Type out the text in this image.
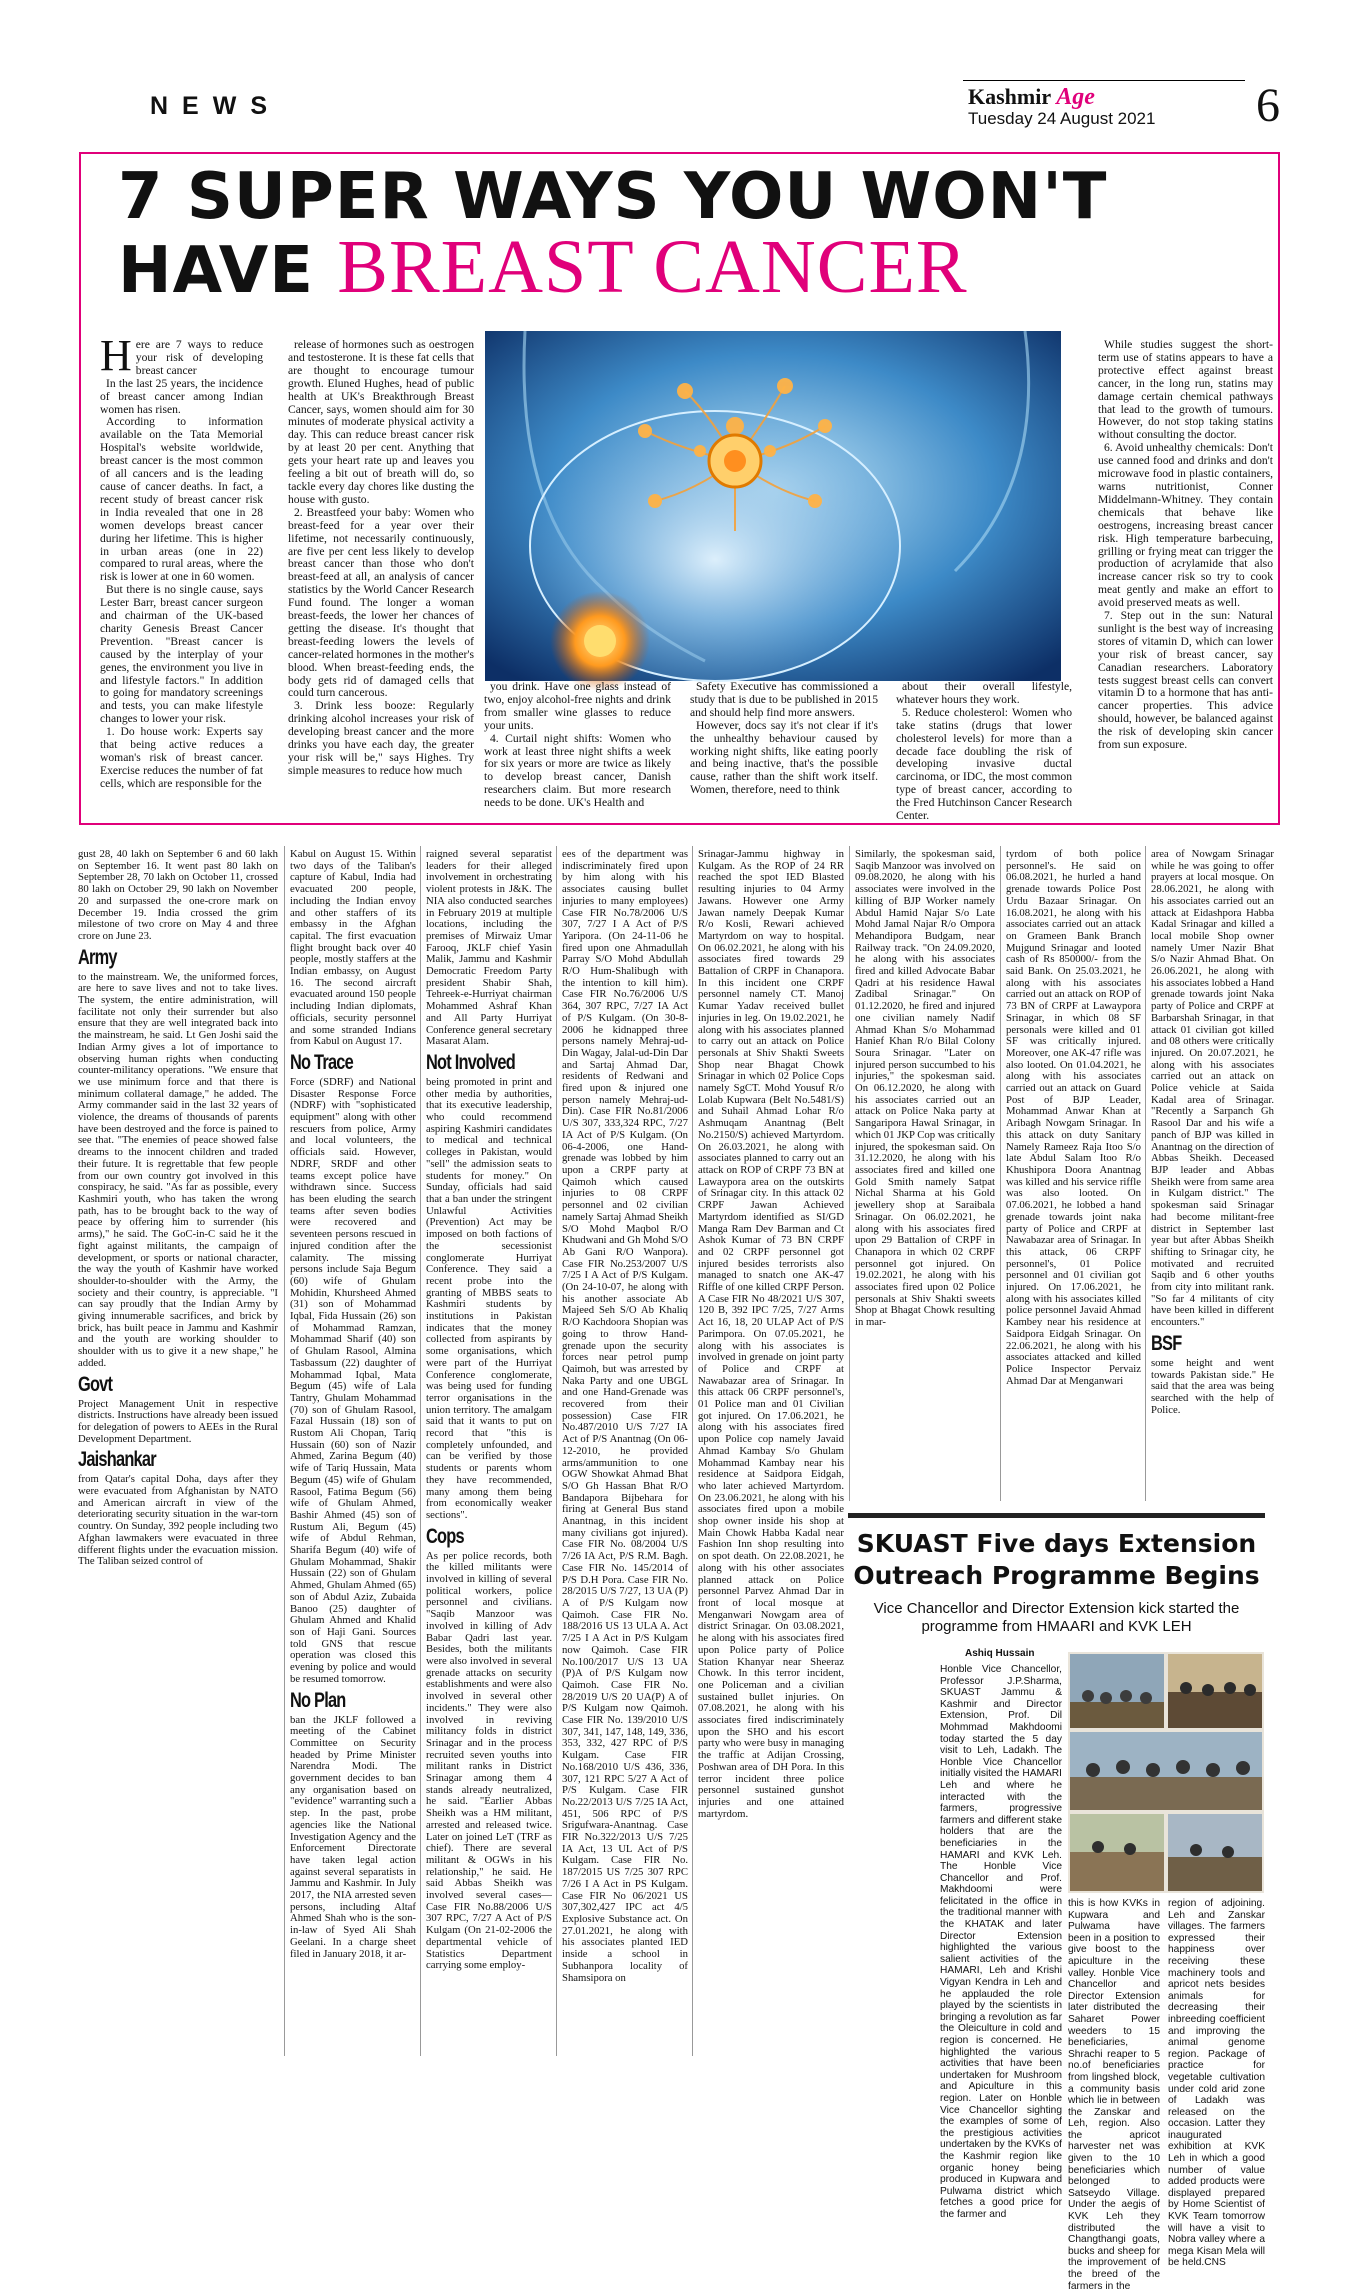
NEWS	Kashmir Age
Tuesday 24 August 2021 6
7 SUPER WAYS YOU WON'T
HAVE BREAST CANCER

Here are 7 ways to reduce your risk of developing breast cancer

In the last 25 years, the incidence of breast cancer among Indian women has risen.

According to information available on the Tata Memorial Hospital's website worldwide, breast cancer is the most common of all cancers and is the leading cause of cancer deaths. In fact, a recent study of breast cancer risk in India revealed that one in 28 women develops breast cancer during her lifetime. This is higher in urban areas (one in 22) compared to rural areas, where the risk is lower at one in 60 women.

But there is no single cause, says Lester Barr, breast cancer surgeon and chairman of the UK-based charity Genesis Breast Cancer Prevention. "Breast cancer is caused by the interplay of your genes, the environment you live in and lifestyle factors." In addition to going for mandatory screenings and tests, you can make lifestyle changes to lower your risk.

1. Do house work: Experts say that being active reduces a woman's risk of breast cancer. Exercise reduces the number of fat cells, which are responsible for the

release of hormones such as oestrogen and testosterone. It is these fat cells that are thought to encourage tumour growth. Eluned Hughes, head of public health at UK's Breakthrough Breast Cancer, says, women should aim for 30 minutes of moderate physical activity a day. This can reduce breast cancer risk by at least 20 per cent. Anything that gets your heart rate up and leaves you feeling a bit out of breath will do, so tackle every day chores like dusting the house with gusto.

2. Breastfeed your baby: Women who breast-feed for a year over their lifetime, not necessarily continuously, are five per cent less likely to develop breast cancer than those who don't breast-feed at all, an analysis of cancer statistics by the World Cancer Research Fund found. The longer a woman breast-feeds, the lower her chances of getting the disease. It's thought that breast-feeding lowers the levels of cancer-related hormones in the mother's blood. When breast-feeding ends, the body gets rid of damaged cells that could turn cancerous.

3. Drink less booze: Regularly drinking alcohol increases your risk of developing breast cancer and the more drinks you have each day, the greater your risk will be," says Highes. Try simple measures to reduce how much

you drink. Have one glass instead of two, enjoy alcohol-free nights and drink from smaller wine glasses to reduce your units.

4. Curtail night shifts: Women who work at least three night shifts a week for six years or more are twice as likely to develop breast cancer, Danish researchers claim. But more research needs to be done. UK's Health and

Safety Executive has commissioned a study that is due to be published in 2015 and should help find more answers.

However, docs say it's not clear if it's the unhealthy behaviour caused by working night shifts, like eating poorly and being inactive, that's the possible cause, rather than the shift work itself. Women, therefore, need to think

about their overall lifestyle, whatever hours they work.

5. Reduce cholesterol: Women who take statins (drugs that lower cholesterol levels) for more than a decade face doubling the risk of developing invasive ductal carcinoma, or IDC, the most common type of breast cancer, according to the Fred Hutchinson Cancer Research Center.

While studies suggest the short-term use of statins appears to have a protective effect against breast cancer, in the long run, statins may damage certain chemical pathways that lead to the growth of tumours. However, do not stop taking statins without consulting the doctor.

6. Avoid unhealthy chemicals: Don't use canned food and drinks and don't microwave food in plastic containers, warns nutritionist, Conner Middelmann-Whitney. They contain chemicals that behave like oestrogens, increasing breast cancer risk. High temperature barbecuing, grilling or frying meat can trigger the production of acrylamide that also increase cancer risk so try to cook meat gently and make an effort to avoid preserved meats as well.

7. Step out in the sun: Natural sunlight is the best way of increasing stores of vitamin D, which can lower your risk of breast cancer, say Canadian researchers. Laboratory tests suggest breast cells can convert vitamin D to a hormone that has anti-cancer properties. This advice should, however, be balanced against the risk of developing skin cancer from sun exposure.

gust 28, 40 lakh on September 6 and 60 lakh on September 16. It went past 80 lakh on September 28, 70 lakh on October 11, crossed 80 lakh on October 29, 90 lakh on November 20 and surpassed the one-crore mark on December 19. India crossed the grim milestone of two crore on May 4 and three crore on June 23.

Army

to the mainstream. We, the uniformed forces, are here to save lives and not to take lives. The system, the entire administration, will facilitate not only their surrender but also ensure that they are well integrated back into the mainstream, he said. Lt Gen Joshi said the Indian Army gives a lot of importance to observing human rights when conducting counter-militancy operations. "We ensure that we use minimum force and that there is minimum collateral damage," he added. The Army commander said in the last 32 years of violence, the dreams of thousands of parents have been destroyed and the force is pained to see that. "The enemies of peace showed false dreams to the innocent children and traded their future. It is regrettable that few people from our own country got involved in this conspiracy, he said. "As far as possible, every Kashmiri youth, who has taken the wrong path, has to be brought back to the way of peace by offering him to surrender (his arms)," he said. The GoC-in-C said he it the fight against militants, the campaign of development, or sports or national character, the way the youth of Kashmir have worked shoulder-to-shoulder with the Army, the society and their country, is appreciable. "I can say proudly that the Indian Army by giving innumerable sacrifices, and brick by brick, has built peace in Jammu and Kashmir and the youth are working shoulder to shoulder with us to give it a new shape," he added.

Govt

Project Management Unit in respective districts. Instructions have already been issued for delegation of powers to AEEs in the Rural Development Department.

Jaishankar

from Qatar's capital Doha, days after they were evacuated from Afghanistan by NATO and American aircraft in view of the deteriorating security situation in the war-torn country. On Sunday, 392 people including two Afghan lawmakers were evacuated in three different flights under the evacuation mission. The Taliban seized control of

Kabul on August 15. Within two days of the Taliban's capture of Kabul, India had evacuated 200 people, including the Indian envoy and other staffers of its embassy in the Afghan capital. The first evacuation flight brought back over 40 people, mostly staffers at the Indian embassy, on August 16. The second aircraft evacuated around 150 people including Indian diplomats, officials, security personnel and some stranded Indians from Kabul on August 17.

No Trace

Force (SDRF) and National Disaster Response Force (NDRF) with "sophisticated equipment" along with other rescuers from police, Army and local volunteers, the officials said. However, NDRF, SRDF and other teams except police have withdrawn since. Success has been eluding the search teams after seven bodies were recovered and seventeen persons rescued in injured condition after the calamity. The missing persons include Saja Begum (60) wife of Ghulam Mohidin, Khursheed Ahmed (31) son of Mohammad Iqbal, Fida Hussain (26) son of Mohammad Ramzan, Mohammad Sharif (40) son of Ghulam Rasool, Almina Tasbassum (22) daughter of Mohammad Iqbal, Mata Begum (45) wife of Lala Tantry, Ghulam Mohammad (70) son of Ghulam Rasool, Fazal Hussain (18) son of Rustom Ali Chopan, Tariq Hussain (60) son of Nazir Ahmed, Zarina Begum (40) wife of Tariq Hussain, Mata Begum (45) wife of Ghulam Rasool, Fatima Begum (56) wife of Ghulam Ahmed, Bashir Ahmed (45) son of Rustum Ali, Begum (45) wife of Abdul Rehman, Sharifa Begum (40) wife of Ghulam Mohammad, Shakir Hussain (22) son of Ghulam Ahmed, Ghulam Ahmed (65) son of Abdul Aziz, Zubaida Banoo (25) daughter of Ghulam Ahmed and Khalid son of Haji Gani. Sources told GNS that rescue operation was closed this evening by police and would be resumed tomorrow.

No Plan

ban the JKLF followed a meeting of the Cabinet Committee on Security headed by Prime Minister Narendra Modi. The government decides to ban any organisation based on "evidence" warranting such a step. In the past, probe agencies like the National Investigation Agency and the Enforcement Directorate have taken legal action against several separatists in Jammu and Kashmir. In July 2017, the NIA arrested seven persons, including Altaf Ahmed Shah who is the son-in-law of Syed Ali Shah Geelani. In a charge sheet filed in January 2018, it ar-

raigned several separatist leaders for their alleged involvement in orchestrating violent protests in J&K. The NIA also conducted searches in February 2019 at multiple locations, including the premises of Mirwaiz Umar Farooq, JKLF chief Yasin Malik, Jammu and Kashmir Democratic Freedom Party president Shabir Shah, Tehreek-e-Hurriyat chairman Mohammed Ashraf Khan and All Party Hurriyat Conference general secretary Masarat Alam.

Not Involved

being promoted in print and other media by authorities, that its executive leadership, who could recommend aspiring Kashmiri candidates to medical and technical colleges in Pakistan, would "sell" the admission seats to students for money." On Sunday, officials had said that a ban under the stringent Unlawful Activities (Prevention) Act may be imposed on both factions of the secessionist conglomerate Hurriyat Conference. They said a recent probe into the granting of MBBS seats to Kashmiri students by institutions in Pakistan indicates that the money collected from aspirants by some organisations, which were part of the Hurriyat Conference conglomerate, was being used for funding terror organisations in the union territory. The amalgam said that it wants to put on record that "this is completely unfounded, and can be verified by those students or parents whom they have recommended, many among them being from economically weaker sections".

Cops

As per police records, both the killed militants were involved in killing of several political workers, police personnel and civilians. "Saqib Manzoor was involved in killing of Adv Babar Qadri last year. Besides, both the militants were also involved in several grenade attacks on security establishments and were also involved in several other incidents." They were also involved in reviving militancy folds in district Srinagar and in the process recruited seven youths into militant ranks in District Srinagar among them 4 stands already neutralized, he said. "Earlier Abbas Sheikh was a HM militant, arrested and released twice. Later on joined LeT (TRF as chief). There are several militant & OGWs in his relationship," he said. He said Abbas Sheikh was involved several cases—Case FIR No.88/2006 U/S 307 RPC, 7/27 A Act of P/S Kulgam (On 21-02-2006 the departmental vehicle of Statistics Department carrying some employ-

ees of the department was indiscriminately fired upon by him along with his associates causing bullet injuries to many employees) Case FIR No.78/2006 U/S 307, 7/27 I A Act of P/S Yaripora. (On 24-11-06 he fired upon one Ahmadullah Parray S/O Mohd Abdullah R/O Hum-Shalibugh with the intention to kill him). Case FIR No.76/2006 U/S 364, 307 RPC, 7/27 IA Act of P/S Kulgam. (On 30-8-2006 he kidnapped three persons namely Mehraj-ud-Din Wagay, Jalal-ud-Din Dar and Sartaj Ahmad Dar, residents of Redwani and fired upon & injured one person namely Mehraj-ud-Din). Case FIR No.81/2006 U/S 307, 333,324 RPC, 7/27 IA Act of P/S Kulgam. (On 06-4-2006, one Hand-grenade was lobbed by him upon a CRPF party at Qaimoh which caused injuries to 08 CRPF personnel and 02 civilian namely Sartaj Ahmad Sheikh S/O Mohd Maqbol R/O Khudwani and Gh Mohd S/O Ab Gani R/O Wanpora). Case FIR No.253/2007 U/S 7/25 I A Act of P/S Kulgam. (On 24-10-07, he along with his another associate Ab Majeed Seh S/O Ab Khaliq R/O Kachdoora Shopian was going to throw Hand-grenade upon the security forces near petrol pump Qaimoh, but was arrested by Naka Party and one UBGL and one Hand-Grenade was recovered from their possession) Case FIR No.487/2010 U/S 7/27 IA Act of P/S Anantnag (On 06-12-2010, he provided arms/ammunition to one OGW Showkat Ahmad Bhat S/O Gh Hassan Bhat R/O Bandapora Bijbehara for firing at General Bus stand Anantnag, in this incident many civilians got injured). Case FIR No. 08/2004 U/S 7/26 IA Act, P/S R.M. Bagh. Case FIR No. 145/2014 of P/S D.H Pora. Case FIR No. 28/2015 U/S 7/27, 13 UA (P) A of P/S Kulgam now Qaimoh. Case FIR No. 188/2016 US 13 ULA A. Act 7/25 I A Act in P/S Kulgam now Qaimoh. Case FIR No.100/2017 U/S 13 UA (P)A of P/S Kulgam now Qaimoh. Case FIR No. 28/2019 U/S 20 UA(P) A of P/S Kulgam now Qaimoh. Case FIR No. 139/2010 U/S 307, 341, 147, 148, 149, 336, 353, 332, 427 RPC of P/S Kulgam. Case FIR No.168/2010 U/S 436, 336, 307, 121 RPC 5/27 A Act of P/S Kulgam. Case FIR No.22/2013 U/S 7/25 IA Act, 451, 506 RPC of P/S Srigufwara-Anantnag. Case FIR No.322/2013 U/S 7/25 IA Act, 13 UL Act of P/S Kulgam. Case FIR No. 187/2015 US 7/25 307 RPC 7/26 I A Act in PS Kulgam. Case FIR No 06/2021 US 307,302,427 IPC act 4/5 Explosive Substance act. On 27.01.2021, he along with his associates planted IED inside a school in Subhanpora locality of Shamsipora on

Srinagar-Jammu highway in Kulgam. As the ROP of 24 RR reached the spot IED Blasted resulting injuries to 04 Army Jawans. However one Army Jawan namely Deepak Kumar R/o Kosli, Rewari achieved Martyrdom on way to hospital. On 06.02.2021, he along with his associates fired towards 29 Battalion of CRPF in Chanapora. In this incident one CRPF personnel namely CT. Manoj Kumar Yadav received bullet injuries in leg. On 19.02.2021, he along with his associates planned to carry out an attack on Police personals at Shiv Shakti Sweets Shop near Bhagat Chowk Srinagar in which 02 Police Cops namely SgCT. Mohd Yousuf R/o Lolab Kupwara (Belt No.5481/S) and Suhail Ahmad Lohar R/o Ashmuqam Anantnag (Belt No.2150/S) achieved Martyrdom. On 26.03.2021, he along with associates planned to carry out an attack on ROP of CRPF 73 BN at Lawaypora area on the outskirts of Srinagar city. In this attack 02 CRPF Jawan Achieved Martyrdom identified as SI/GD Manga Ram Dev Barman and Ct Ashok Kumar of 73 BN CRPF and 02 CRPF personnel got injured besides terrorists also managed to snatch one AK-47 Riffle of one killed CRPF Person. A Case FIR No 48/2021 U/S 307, 120 B, 392 IPC 7/25, 7/27 Arms Act 16, 18, 20 ULAP Act of P/S Parimpora. On 07.05.2021, he along with his associates is involved in grenade on joint party of Police and CRPF at Nawabazar area of Srinagar. In this attack 06 CRPF personnel's, 01 Police man and 01 Civilian got injured. On 17.06.2021, he along with his associates fired upon Police cop namely Javaid Ahmad Kambay S/o Ghulam Mohammad Kambay near his residence at Saidpora Eidgah, who later achieved Martyrdom. On 23.06.2021, he along with his associates fired upon a mobile shop owner inside his shop at Main Chowk Habba Kadal near Fashion Inn shop resulting into on spot death. On 22.08.2021, he along with his other associates planned attack on Police personnel Parvez Ahmad Dar in front of local mosque at Menganwari Nowgam area of district Srinagar. On 03.08.2021, he along with his associates fired upon Police party of Police Station Khanyar near Sheeraz Chowk. In this terror incident, one Policeman and a civilian sustained bullet injuries. On 07.08.2021, he along with his associates fired indiscriminately upon the SHO and his escort party who were busy in managing the traffic at Adijan Crossing, Poshwan area of DH Pora. In this terror incident three police personnel sustained gunshot injuries and one attained martyrdom.

Similarly, the spokesman said, Saqib Manzoor was involved on 09.08.2020, he along with his associates were involved in the killing of BJP Worker namely Abdul Hamid Najar S/o Late Mohd Jamal Najar R/o Ompora Mehandipora Budgam, near Railway track. "On 24.09.2020, he along with his associates fired and killed Advocate Babar Qadri at his residence Hawal Zadibal Srinagar." On 01.12.2020, he fired and injured one civilian namely Nadif Ahmad Khan S/o Mohammad Hanief Khan R/o Bilal Colony Soura Srinagar. "Later on injured person succumbed to his injuries," the spokesman said. On 06.12.2020, he along with his associates carried out an attack on Police Naka party at Sangaripora Hawal Srinagar, in which 01 JKP Cop was critically injured, the spokesman said. On 31.12.2020, he along with his associates fired and killed one Gold Smith namely Satpat Nichal Sharma at his Gold jewellery shop at Saraibala Srinagar. On 06.02.2021, he along with his associates fired upon 29 Battalion of CRPF in Chanapora in which 02 CRPF personnel got injured. On 19.02.2021, he along with his associates fired upon 02 Police personals at Shiv Shakti sweets Shop at Bhagat Chowk resulting in mar-

tyrdom of both police personnel's. He said on 06.08.2021, he hurled a hand grenade towards Police Post Urdu Bazaar Srinagar. On 16.08.2021, he along with his associates carried out an attack on Grameen Bank Branch Mujgund Srinagar and looted cash of Rs 850000/- from the said Bank. On 25.03.2021, he along with his associates carried out an attack on ROP of 73 BN of CRPF at Lawaypora Srinagar, in which 08 SF personals were killed and 01 SF was critically injured. Moreover, one AK-47 rifle was also looted. On 01.04.2021, he along with his associates carried out an attack on Guard Post of BJP Leader, Mohammad Anwar Khan at Aribagh Nowgam Srinagar. In this attack on duty Sanitary Namely Rameez Raja Itoo S/o late Abdul Salam Itoo R/o Khushipora Doora Anantnag was killed and his service riffle was also looted. On 07.06.2021, he lobbed a hand grenade towards joint naka party of Police and CRPF at Nawabazar area of Srinagar. In this attack, 06 CRPF personnel's, 01 Police personnel and 01 civilian got injured. On 17.06.2021, he along with his associates killed police personnel Javaid Ahmad Kambey near his residence at Saidpora Eidgah Srinagar. On 22.06.2021, he along with his associates attacked and killed Police Inspector Pervaiz Ahmad Dar at Menganwari

area of Nowgam Srinagar while he was going to offer prayers at local mosque. On 28.06.2021, he along with his associates carried out an attack at Eidashpora Habba Kadal Srinagar and killed a local mobile Shop owner namely Umer Nazir Bhat S/o Nazir Ahmad Bhat. On 26.06.2021, he along with his associates lobbed a Hand grenade towards joint Naka party of Police and CRPF at Barbarshah Srinagar, in that attack 01 civilian got killed and 08 others were critically injured. On 20.07.2021, he along with his associates carried out an attack on Police vehicle at Saida Kadal area of Srinagar. "Recently a Sarpanch Gh Rasool Dar and his wife a panch of BJP was killed in Anantnag on the direction of Abbas Sheikh. Deceased BJP leader and Abbas Sheikh were from same area in Kulgam district." The spokesman said Srinagar had become militant-free district in September last year but after Abbas Sheikh shifting to Srinagar city, he motivated and recruited Saqib and 6 other youths from city into militant rank. "So far 4 militants of city have been killed in different encounters."

BSF

some height and went towards Pakistan side." He said that the area was being searched with the help of Police.

SKUAST Five days Extension Outreach Programme Begins
Vice Chancellor and Director Extension kick started the programme from HMAARI and KVK LEH
Ashiq Hussain
Honble Vice Chancellor, Professor J.P.Sharma, SKUAST Jammu & Kashmir and Director Extension, Prof. Dil Mohmmad Makhdoomi today started the 5 day visit to Leh, Ladakh. The Honble Vice Chancellor initially visited the HAMARI Leh and where he interacted with the farmers, progressive farmers and different stake holders that are the beneficiaries in the HAMARI and KVK Leh. The Honble Vice Chancellor and Prof. Makhdoomi were felicitated in the office in the traditional manner with the KHATAK and later Director Extension highlighted the various salient activities of the HAMARI, Leh and Krishi Vigyan Kendra in Leh and he applauded the role played by the scientists in bringing a revolution as far the Oleiculture in cold and region is concerned. He highlighted the various activities that have been undertaken for Mushroom and Apiculture in this region. Later on Honble Vice Chancellor sighting the examples of some of the prestigious activities undertaken by the KVKs of the Kashmir region like organic honey being produced in Kupwara and Pulwama district which fetches a good price for the farmer and
this is how KVKs in Kupwara and Pulwama have been in a position to give boost to the apiculture in the valley. Honble Vice Chancellor and Director Extension later distributed the Saharet Power weeders to 15 beneficiaries, Shrachi reaper to 5 no.of beneficiaries from lingshed block, a community basis which lie in between the Zanskar and Leh, region. Also the apricot harvester net was given to the 10 beneficiaries which belonged to Satseydo Village. Under the aegis of KVK Leh they distributed the Changthangi goats, bucks and sheep for the improvement of the breed of the farmers in the
region of adjoining. Leh and Zanskar villages. The farmers expressed their happiness over receiving these machinery tools and apricot nets besides animals for decreasing their inbreeding coefficient and improving the animal genome region. Package of practice for vegetable cultivation under cold arid zone of Ladakh was released on the occasion. Latter they inaugurated exhibition at KVK Leh in which a good number of value added products were displayed prepared by Home Scientist of KVK Team tomorrow will have a visit to Nobra valley where a mega Kisan Mela will be held.CNS
